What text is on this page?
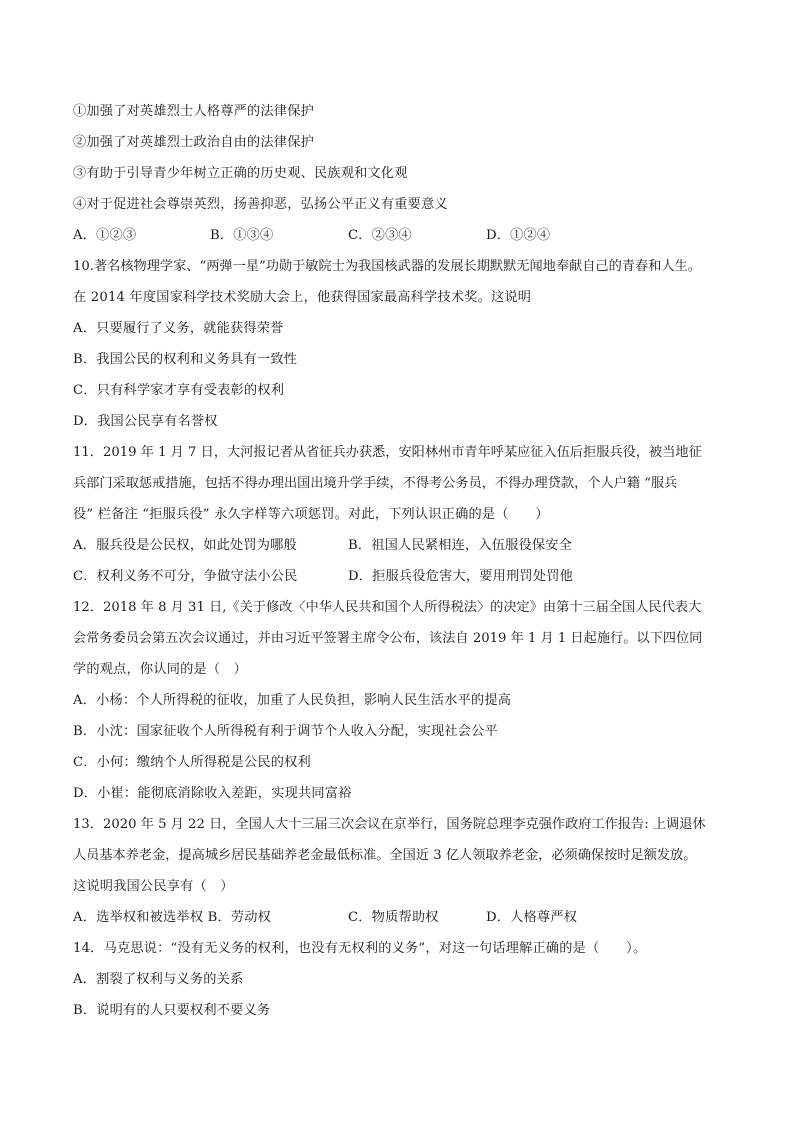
①加强了对英雄烈士人格尊严的法律保护
②加强了对英雄烈士政治自由的法律保护
③有助于引导青少年树立正确的历史观、民族观和文化观
④对于促进社会尊崇英烈，扬善抑恶，弘扬公平正义有重要意义
A．①②③	B．①③④	C．②③④	D．①②④
10.著名核物理学家、“两弹一星”功勋于敏院士为我国核武器的发展长期默默无闻地奉献自己的青春和人生。
在 2014 年度国家科学技术奖励大会上，他获得国家最高科学技术奖。这说明
A．只要履行了义务，就能获得荣誉
B．我国公民的权利和义务具有一致性
C．只有科学家才享有受表彰的权利
D．我国公民享有名誉权
11．2019 年 1 月 7 日，大河报记者从省征兵办获悉，安阳林州市青年呼某应征入伍后拒服兵役，被当地征
兵部门采取惩戒措施，包括不得办理出国出境升学手续，不得考公务员，不得办理贷款，个人户籍 “服兵
役” 栏备注 “拒服兵役” 永久字样等六项惩罚。对此，下列认识正确的是（　　）
A．服兵役是公民权，如此处罚为哪般	B．祖国人民紧相连，入伍服役保安全
C．权利义务不可分，争做守法小公民	D．拒服兵役危害大，要用刑罚处罚他
12．2018 年 8 月 31 日,《关于修改〈中华人民共和国个人所得税法〉的决定》由第十三届全国人民代表大
会常务委员会第五次会议通过，并由习近平签署主席令公布，该法自 2019 年 1 月 1 日起施行。以下四位同
学的观点，你认同的是（　）
A．小杨：个人所得税的征收，加重了人民负担，影响人民生活水平的提高
B．小沈：国家征收个人所得税有利于调节个人收入分配，实现社会公平
C．小何：缴纳个人所得税是公民的权利
D．小崔：能彻底消除收入差距，实现共同富裕
13．2020 年 5 月 22 日，全国人大十三届三次会议在京举行，国务院总理李克强作政府工作报告: 上调退休
人员基本养老金，提高城乡居民基础养老金最低标准。全国近 3 亿人领取养老金，必须确保按时足额发放。
这说明我国公民享有（　）
A．选举权和被选举权 B．劳动权	C．物质帮助权	D．人格尊严权
14．马克思说：“没有无义务的权利，也没有无权利的义务”，对这一句话理解正确的是（　　）。
A．割裂了权利与义务的关系
B．说明有的人只要权利不要义务
